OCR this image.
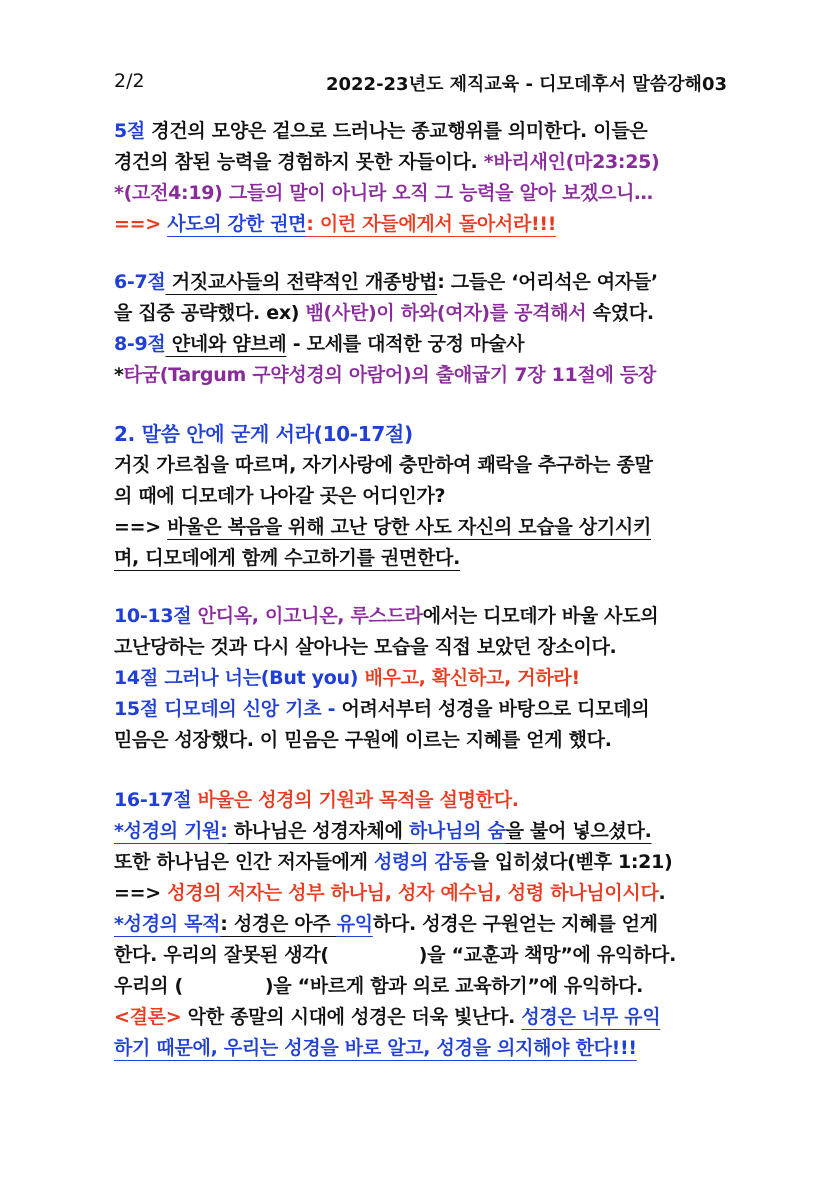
2/2	2022-23년도 제직교육 - 디모데후서 말씀강해03
5절 경건의 모양은 겉으로 드러나는 종교행위를 의미한다. 이들은
경건의 참된 능력을 경험하지 못한 자들이다. *바리새인(마23:25)
*(고전4:19) 그들의 말이 아니라 오직 그 능력을 알아 보겠으니…
==> 사도의 강한 권면: 이런 자들에게서 돌아서라!!!
6-7절 거짓교사들의 전략적인 개종방법: 그들은 ‘어리석은 여자들’
을 집중 공략했다. ex) 뱀(사탄)이 하와(여자)를 공격해서 속였다.
8-9절 얀네와 얌브레 - 모세를 대적한 궁정 마술사
*타굼(Targum 구약성경의 아람어)의 출애굽기 7장 11절에 등장
2. 말씀 안에 굳게 서라(10-17절)
거짓 가르침을 따르며, 자기사랑에 충만하여 쾌락을 추구하는 종말
의 때에 디모데가 나아갈 곳은 어디인가?
==> 바울은 복음을 위해 고난 당한 사도 자신의 모습을 상기시키
며, 디모데에게 함께 수고하기를 권면한다.
10-13절 안디옥, 이고니온, 루스드라에서는 디모데가 바울 사도의
고난당하는 것과 다시 살아나는 모습을 직접 보았던 장소이다.
14절 그러나 너는(But you) 배우고, 확신하고, 거하라!
15절 디모데의 신앙 기초 - 어려서부터 성경을 바탕으로 디모데의
믿음은 성장했다. 이 믿음은 구원에 이르는 지혜를 얻게 했다.
16-17절 바울은 성경의 기원과 목적을 설명한다.
*성경의 기원: 하나님은 성경자체에 하나님의 숨을 불어 넣으셨다.
또한 하나님은 인간 저자들에게 성령의 감동을 입히셨다(벧후 1:21)
==> 성경의 저자는 성부 하나님, 성자 예수님, 성령 하나님이시다.
*성경의 목적: 성경은 아주 유익하다. 성경은 구원얻는 지혜를 얻게
한다. 우리의 잘못된 생각(	)을 “교훈과 책망”에 유익하다.
우리의 (	)을 “바르게 함과 의로 교육하기”에 유익하다.
<결론> 악한 종말의 시대에 성경은 더욱 빛난다. 성경은 너무 유익
하기 때문에, 우리는 성경을 바로 알고, 성경을 의지해야 한다!!!
